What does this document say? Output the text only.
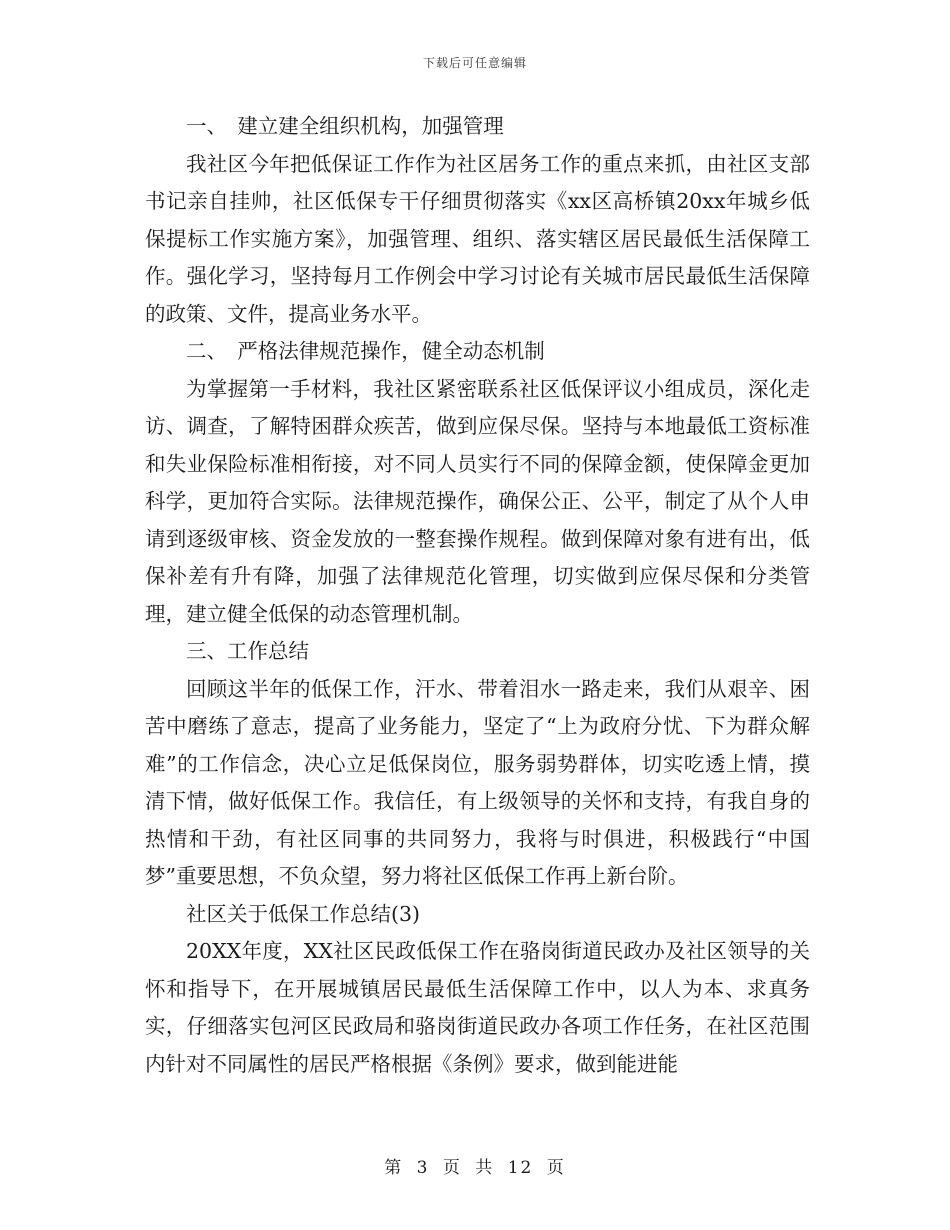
下载后可任意编辑

一、　建立建全组织机构，加强管理

我社区今年把低保证工作作为社区居务工作的重点来抓，由社区支部书记亲自挂帅，社区低保专干仔细贯彻落实《xx区高桥镇20xx年城乡低保提标工作实施方案》，加强管理、组织、落实辖区居民最低生活保障工作。强化学习，坚持每月工作例会中学习讨论有关城市居民最低生活保障的政策、文件，提高业务水平。

二、　严格法律规范操作，健全动态机制

为掌握第一手材料，我社区紧密联系社区低保评议小组成员，深化走访、调查，了解特困群众疾苦，做到应保尽保。坚持与本地最低工资标准和失业保险标准相衔接，对不同人员实行不同的保障金额，使保障金更加科学，更加符合实际。法律规范操作，确保公正、公平，制定了从个人申请到逐级审核、资金发放的一整套操作规程。做到保障对象有进有出，低保补差有升有降，加强了法律规范化管理，切实做到应保尽保和分类管理，建立健全低保的动态管理机制。

三、工作总结

回顾这半年的低保工作，汗水、带着泪水一路走来，我们从艰辛、困苦中磨练了意志，提高了业务能力，坚定了“上为政府分忧、下为群众解难”的工作信念，决心立足低保岗位，服务弱势群体，切实吃透上情，摸清下情，做好低保工作。我信任，有上级领导的关怀和支持，有我自身的热情和干劲，有社区同事的共同努力，我将与时俱进，积极践行“中国梦”重要思想，不负众望，努力将社区低保工作再上新台阶。

社区关于低保工作总结(3)

20XX年度，XX社区民政低保工作在骆岗街道民政办及社区领导的关怀和指导下，在开展城镇居民最低生活保障工作中，以人为本、求真务实，仔细落实包河区民政局和骆岗街道民政办各项工作任务，在社区范围内针对不同属性的居民严格根据《条例》要求，做到能进能

第 3 页 共 12 页
